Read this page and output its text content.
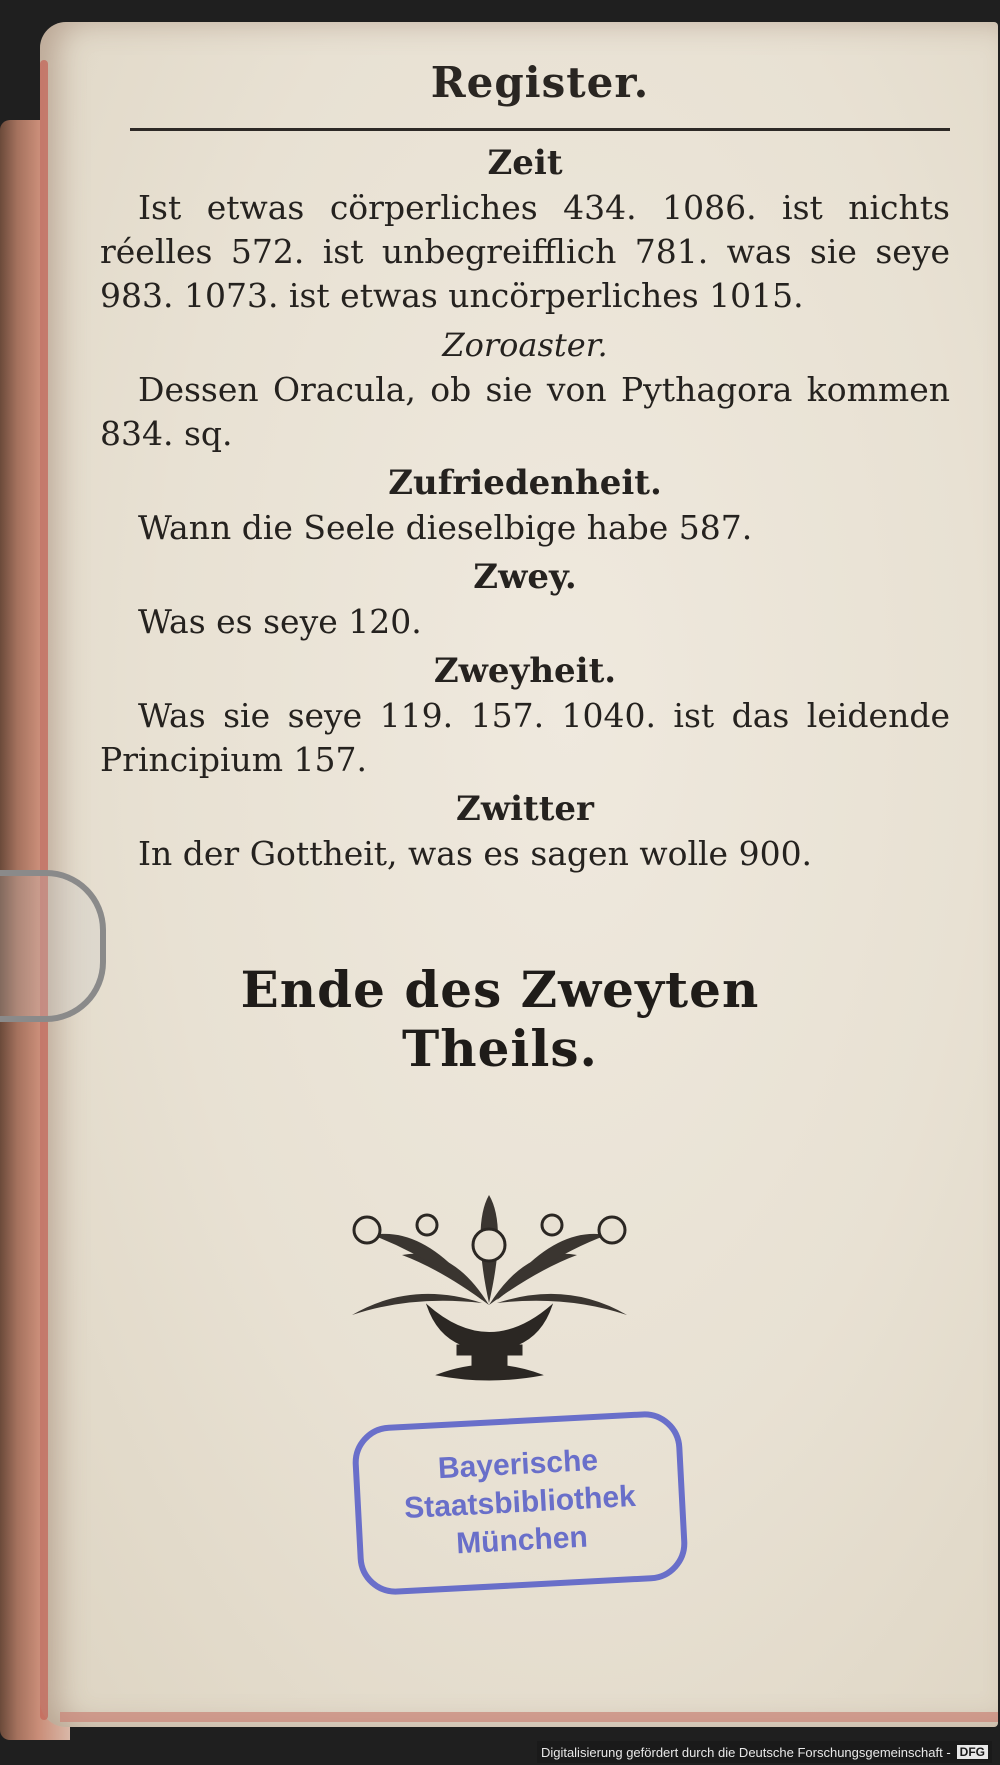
Register.
Zeit

Ist etwas cörperliches 434. 1086. ist nichts réelles 572. ist unbegreifflich 781. was sie seye 983. 1073. ist etwas uncörperliches 1015.

Zoroaster.

Dessen Oracula, ob sie von Pythagora kommen 834. sq.

Zufriedenheit.

Wann die Seele dieselbige habe 587.

Zwey.

Was es seye 120.

Zweyheit.

Was sie seye 119. 157. 1040. ist das leidende Principium 157.

Zwitter

In der Gottheit, was es sagen wolle 900.

Ende des Zweyten Theils.
Bayerische
Staatsbibliothek
München
Digitalisierung gefördert durch die Deutsche Forschungsgemeinschaft - DFG
